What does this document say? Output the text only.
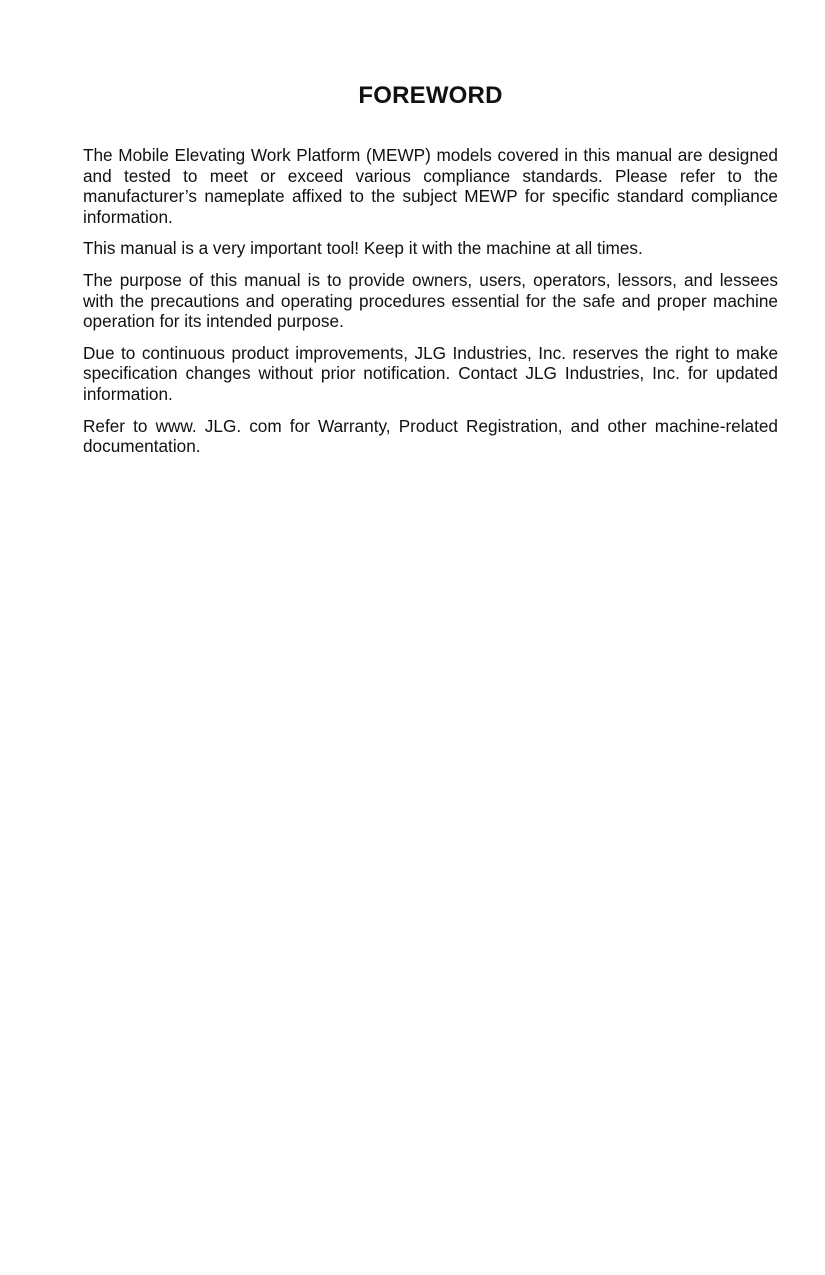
FOREWORD

The Mobile Elevating Work Platform (MEWP) models covered in this manual are designed and tested to meet or exceed various compliance standards. Please refer to the manufacturer’s nameplate affixed to the subject MEWP for specific standard compliance information.

This manual is a very important tool! Keep it with the machine at all times.

The purpose of this manual is to provide owners, users, operators, lessors, and lessees with the precautions and operating procedures essential for the safe and proper machine operation for its intended purpose.

Due to continuous product improvements, JLG Industries, Inc. reserves the right to make specification changes without prior notification. Contact JLG Industries, Inc. for updated information.

Refer to www. JLG. com for Warranty, Product Registration, and other machine-related documentation.
